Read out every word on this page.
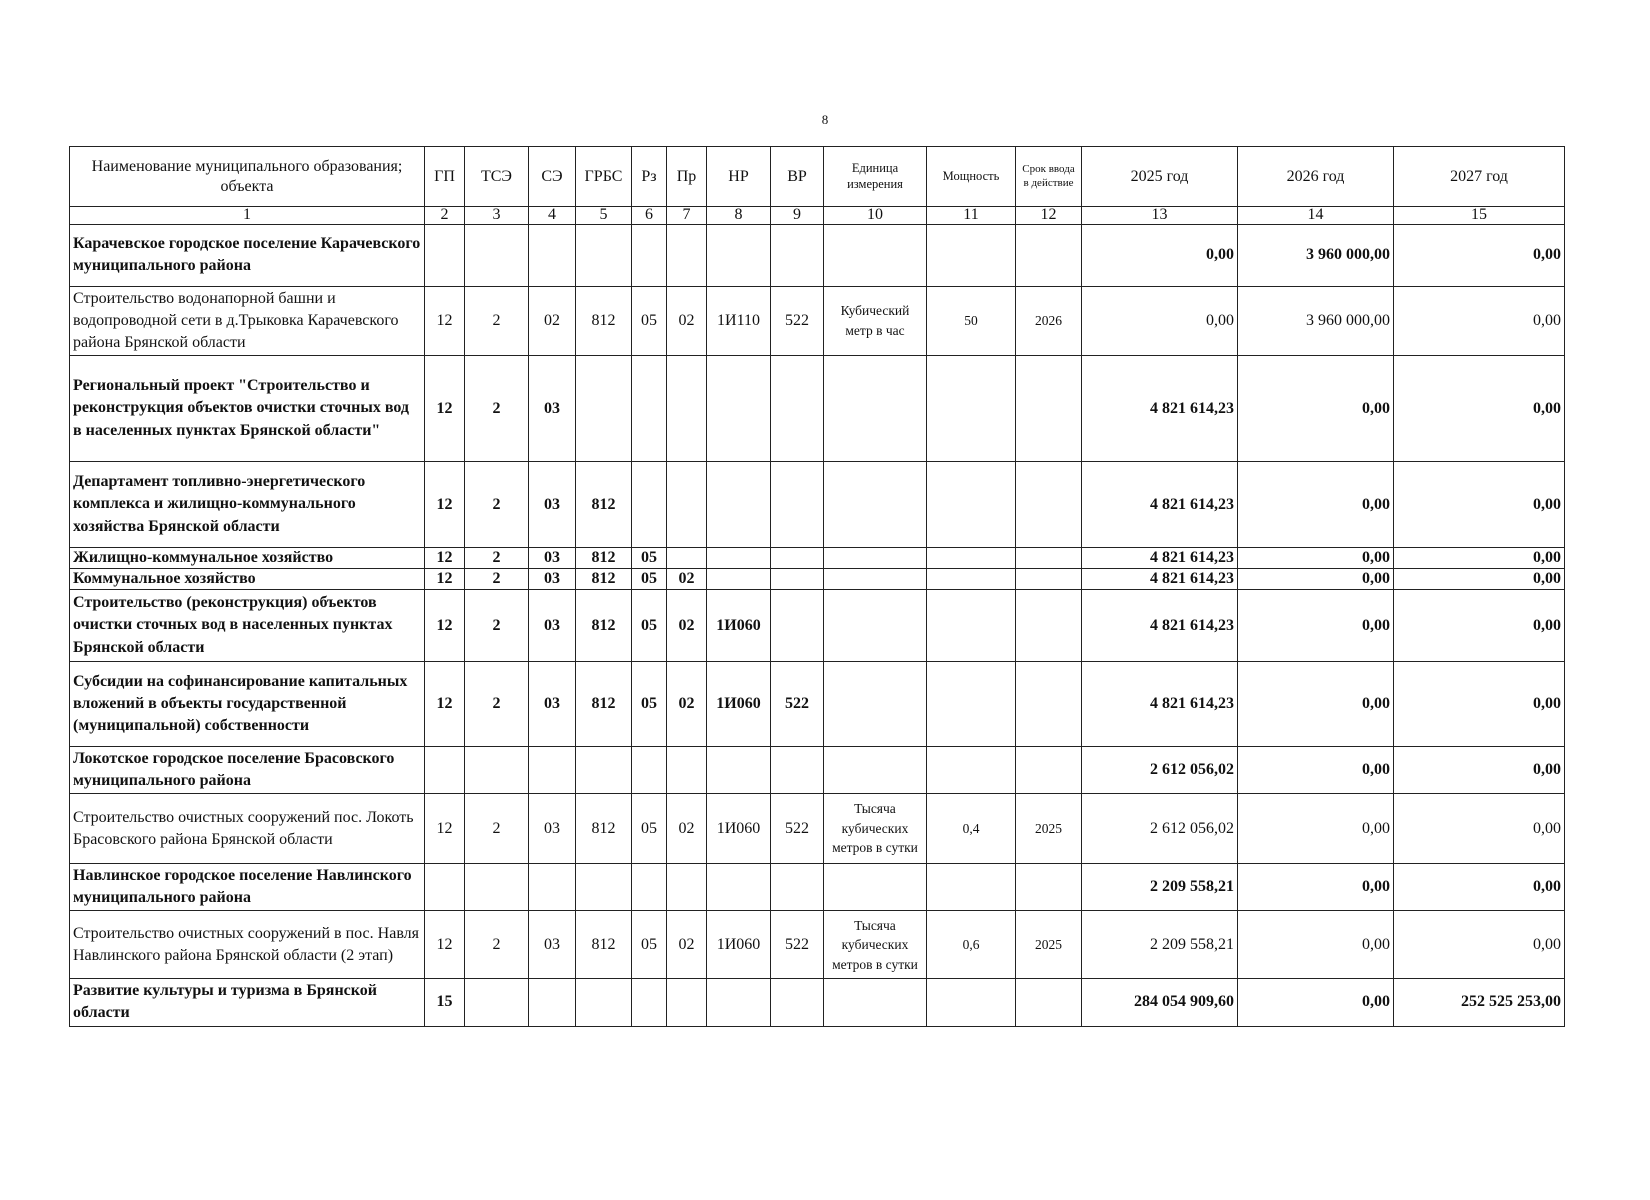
8
Наименование муниципального образования; объекта	ГП	ТСЭ	СЭ	ГРБС	Рз	Пр	НР	ВР	Единица измерения	Мощность	Срок ввода в действие	2025 год	2026 год	2027 год
1	2	3	4	5	6	7	8	9	10	11	12	13	14	15
Карачевское городское поселение Карачевского муниципального района												0,00	3 960 000,00	0,00
Строительство водонапорной башни и водопроводной сети в д.Трыковка Карачевского района Брянской области	12	2	02	812	05	02	1И110	522	Кубический метр в час	50	2026	0,00	3 960 000,00	0,00
Региональный проект "Строительство и реконструкция объектов очистки сточных вод в населенных пунктах Брянской области"	12	2	03									4 821 614,23	0,00	0,00
Департамент топливно-энергетического комплекса и жилищно-коммунального хозяйства Брянской области	12	2	03	812								4 821 614,23	0,00	0,00
Жилищно-коммунальное хозяйство	12	2	03	812	05							4 821 614,23	0,00	0,00
Коммунальное хозяйство	12	2	03	812	05	02						4 821 614,23	0,00	0,00
Строительство (реконструкция) объектов очистки сточных вод в населенных пунктах Брянской области	12	2	03	812	05	02	1И060					4 821 614,23	0,00	0,00
Субсидии на софинансирование капитальных вложений в объекты государственной (муниципальной) собственности	12	2	03	812	05	02	1И060	522				4 821 614,23	0,00	0,00
Локотское городское поселение Брасовского муниципального района												2 612 056,02	0,00	0,00
Строительство очистных сооружений пос. Локоть Брасовского района Брянской области	12	2	03	812	05	02	1И060	522	Тысяча кубических метров в сутки	0,4	2025	2 612 056,02	0,00	0,00
Навлинское городское поселение Навлинского муниципального района												2 209 558,21	0,00	0,00
Строительство очистных сооружений в пос. Навля Навлинского района Брянской области (2 этап)	12	2	03	812	05	02	1И060	522	Тысяча кубических метров в сутки	0,6	2025	2 209 558,21	0,00	0,00
Развитие культуры и туризма в Брянской области	15											284 054 909,60	0,00	252 525 253,00
